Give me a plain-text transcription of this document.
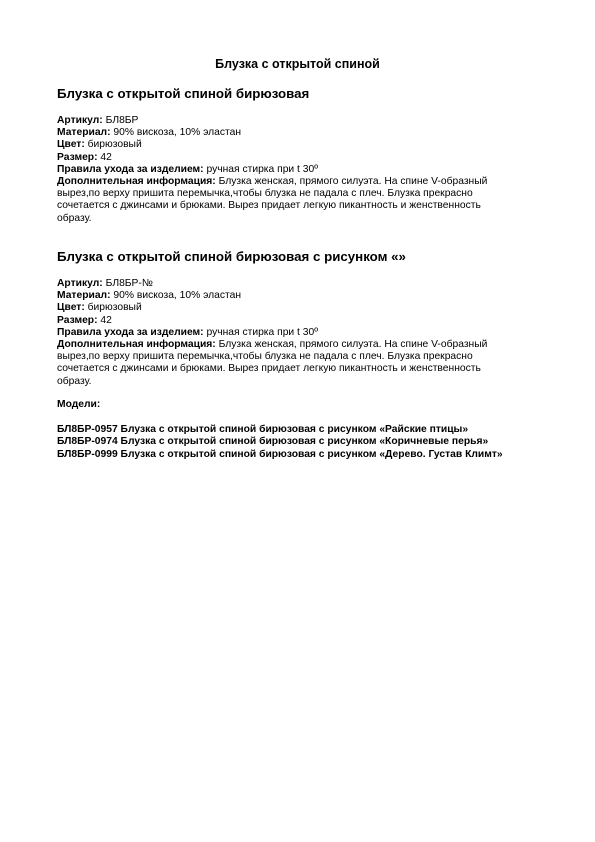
Блузка с открытой спиной
Блузка с открытой спиной бирюзовая
Артикул: БЛ8БР
Материал: 90% вискоза, 10% эластан
Цвет: бирюзовый
Размер: 42
Правила ухода за изделием: ручная стирка при t 30º
Дополнительная информация: Блузка женская, прямого силуэта. На спине V-образный
вырез,по верху пришита перемычка,чтобы блузка не падала с плеч. Блузка прекрасно
сочетается с джинсами и брюками. Вырез придает легкую пикантность и женственность
образу.
Блузка с открытой спиной бирюзовая с рисунком «»
Артикул: БЛ8БР-№
Материал: 90% вискоза, 10% эластан
Цвет: бирюзовый
Размер: 42
Правила ухода за изделием: ручная стирка при t 30º
Дополнительная информация: Блузка женская, прямого силуэта. На спине V-образный
вырез,по верху пришита перемычка,чтобы блузка не падала с плеч. Блузка прекрасно
сочетается с джинсами и брюками. Вырез придает легкую пикантность и женственность
образу.
Модели:
БЛ8БР-0957 Блузка с открытой спиной бирюзовая с рисунком «Райские птицы»
БЛ8БР-0974 Блузка с открытой спиной бирюзовая с рисунком «Коричневые перья»
БЛ8БР-0999 Блузка с открытой спиной бирюзовая с рисунком «Дерево. Густав Климт»
